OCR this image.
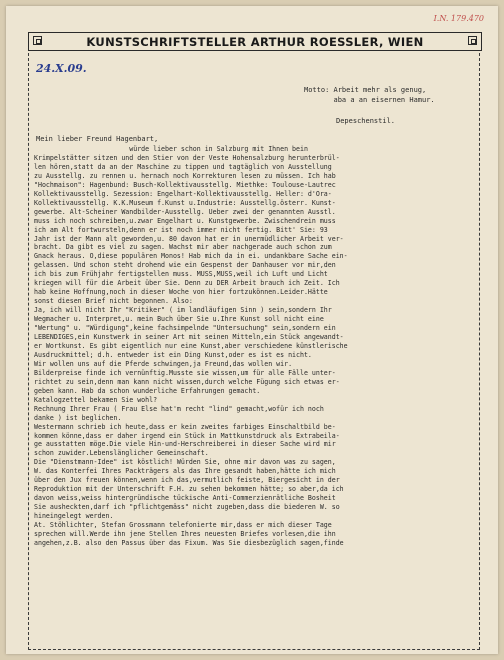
I.N. 179.470
KUNSTSCHRIFTSTELLER ARTHUR ROESSLER, WIEN
24.X.09.
Motto: Arbeit mehr als genug,
aba a an eisernen Hamur.
Depeschenstil.
Mein lieber Freund Hagenbart,
würde lieber schon in Salzburg mit Ihnen bein
Krimpelstätter sitzen und den Stier von der Veste Hohensalzburg herunterbrül-
len hören,statt da an der Maschine zu tippen und tagtäglich von Ausstellung
zu Ausstellg. zu rennen u. hernach noch Korrekturen lesen zu müssen. Ich hab
"Hochmaison": Hagenbund: Busch-Kollektivausstellg. Miethke: Toulouse-Lautrec
Kollektivausstellg. Sezession: Engelhart-Kollektivausstellg. Heller: d'Ora-
Kollektivausstellg. K.K.Museum f.Kunst u.Industrie: Ausstellg.österr. Kunst-
gewerbe. Alt-Scheiner Wandbilder-Ausstellg. Ueber zwei der genannten Ausstl.
muss ich noch schreiben,u.zwar Engelhart u. Kunstgewerbe. Zwischendrein muss
ich am Alt fortwursteln,denn er ist noch immer nicht fertig. Bitt' Sie: 93
Jahr ist der Mann alt geworden,u. 80 davon hat er in unermüdlicher Arbeit ver-
bracht. Da gibt es viel zu sagen. Wachst mir aber nachgerade auch schon zum
Gnack heraus. O,diese populären Monos! Hab mich da in ei. undankbare Sache ein-
gelassen. Und schon steht drohend wie ein Gespenst der Danhauser vor mir,den
ich bis zum Frühjahr fertigstellen muss. MUSS,MUSS,weil ich Luft und Licht
kriegen will für die Arbeit über Sie. Denn zu DER Arbeit brauch ich Zeit. Ich
hab keine Hoffnung,noch in dieser Woche von hier fortzukönnen.Leider.Hätte
sonst diesen Brief nicht begonnen. Also:
Ja, ich will nicht Ihr "Kritiker" ( im landläufigen Sinn ) sein,sondern Ihr
Wegmacher u. Interpret,u. mein Buch über Sie u.Ihre Kunst soll nicht eine
"Wertung" u. "Würdigung",keine fachsimpelnde "Untersuchung" sein,sondern ein
LEBENDIGES,ein Kunstwerk in seiner Art mit seinen Mitteln,ein Stück angewandt-
er Wortkunst. Es gibt eigentlich nur eine Kunst,aber verschiedene künstlerische
Ausdruckmittel; d.h. entweder ist ein Ding Kunst,oder es ist es nicht.
Wir wollen uns auf die Pferde schwingen,ja Freund,das wollen wir.
Bilderpreise finde ich vernünftig.Musste sie wissen,um für alle Fälle unter-
richtet zu sein,denn man kann nicht wissen,durch welche Fügung sich etwas er-
geben kann. Hab da schon wunderliche Erfahrungen gemacht.
Katalogzettel bekamen Sie wohl?
Rechnung Ihrer Frau ( Frau Else hat'm recht "lind" gemacht,wofür ich noch
danke ) ist beglichen.
Westermann schrieb ich heute,dass er kein zweites farbiges Einschaltbild be-
kommen könne,dass er daher irgend ein Stück in Mattkunstdruck als Extrabeila-
ge ausstatten möge.Die viele Hin-und-Herschreiberei in dieser Sache wird mir
schon zuwider.Lebenslänglicher Gemeinschaft.
Die "Dienstmann-Idee" ist köstlich! Würden Sie, ohne mir davon was zu sagen,
W. das Konterfei Ihres Packträgers als das Ihre gesandt haben,hätte ich mich
über den Jux freuen können,wenn ich das,vermutlich feiste, Biergesicht in der
Reproduktion mit der Unterschrift F.H. zu sehen bekommen hätte; so aber,da ich
davon weiss,weiss hintergründische tückische Anti-Commerzienrätliche Bosheit
Sie ausheckten,darf ich "pflichtgemäss" nicht zugeben,dass die biederen W. so
hineingelegt werden.
At. Stöhlichter, Stefan Grossmann telefonierte mir,dass er mich dieser Tage
sprechen will.Werde ihn jene Stellen Ihres neuesten Briefes vorlesen,die ihn
angehen,z.B. also den Passus über das Fixum. Was Sie diesbezüglich sagen,finde
